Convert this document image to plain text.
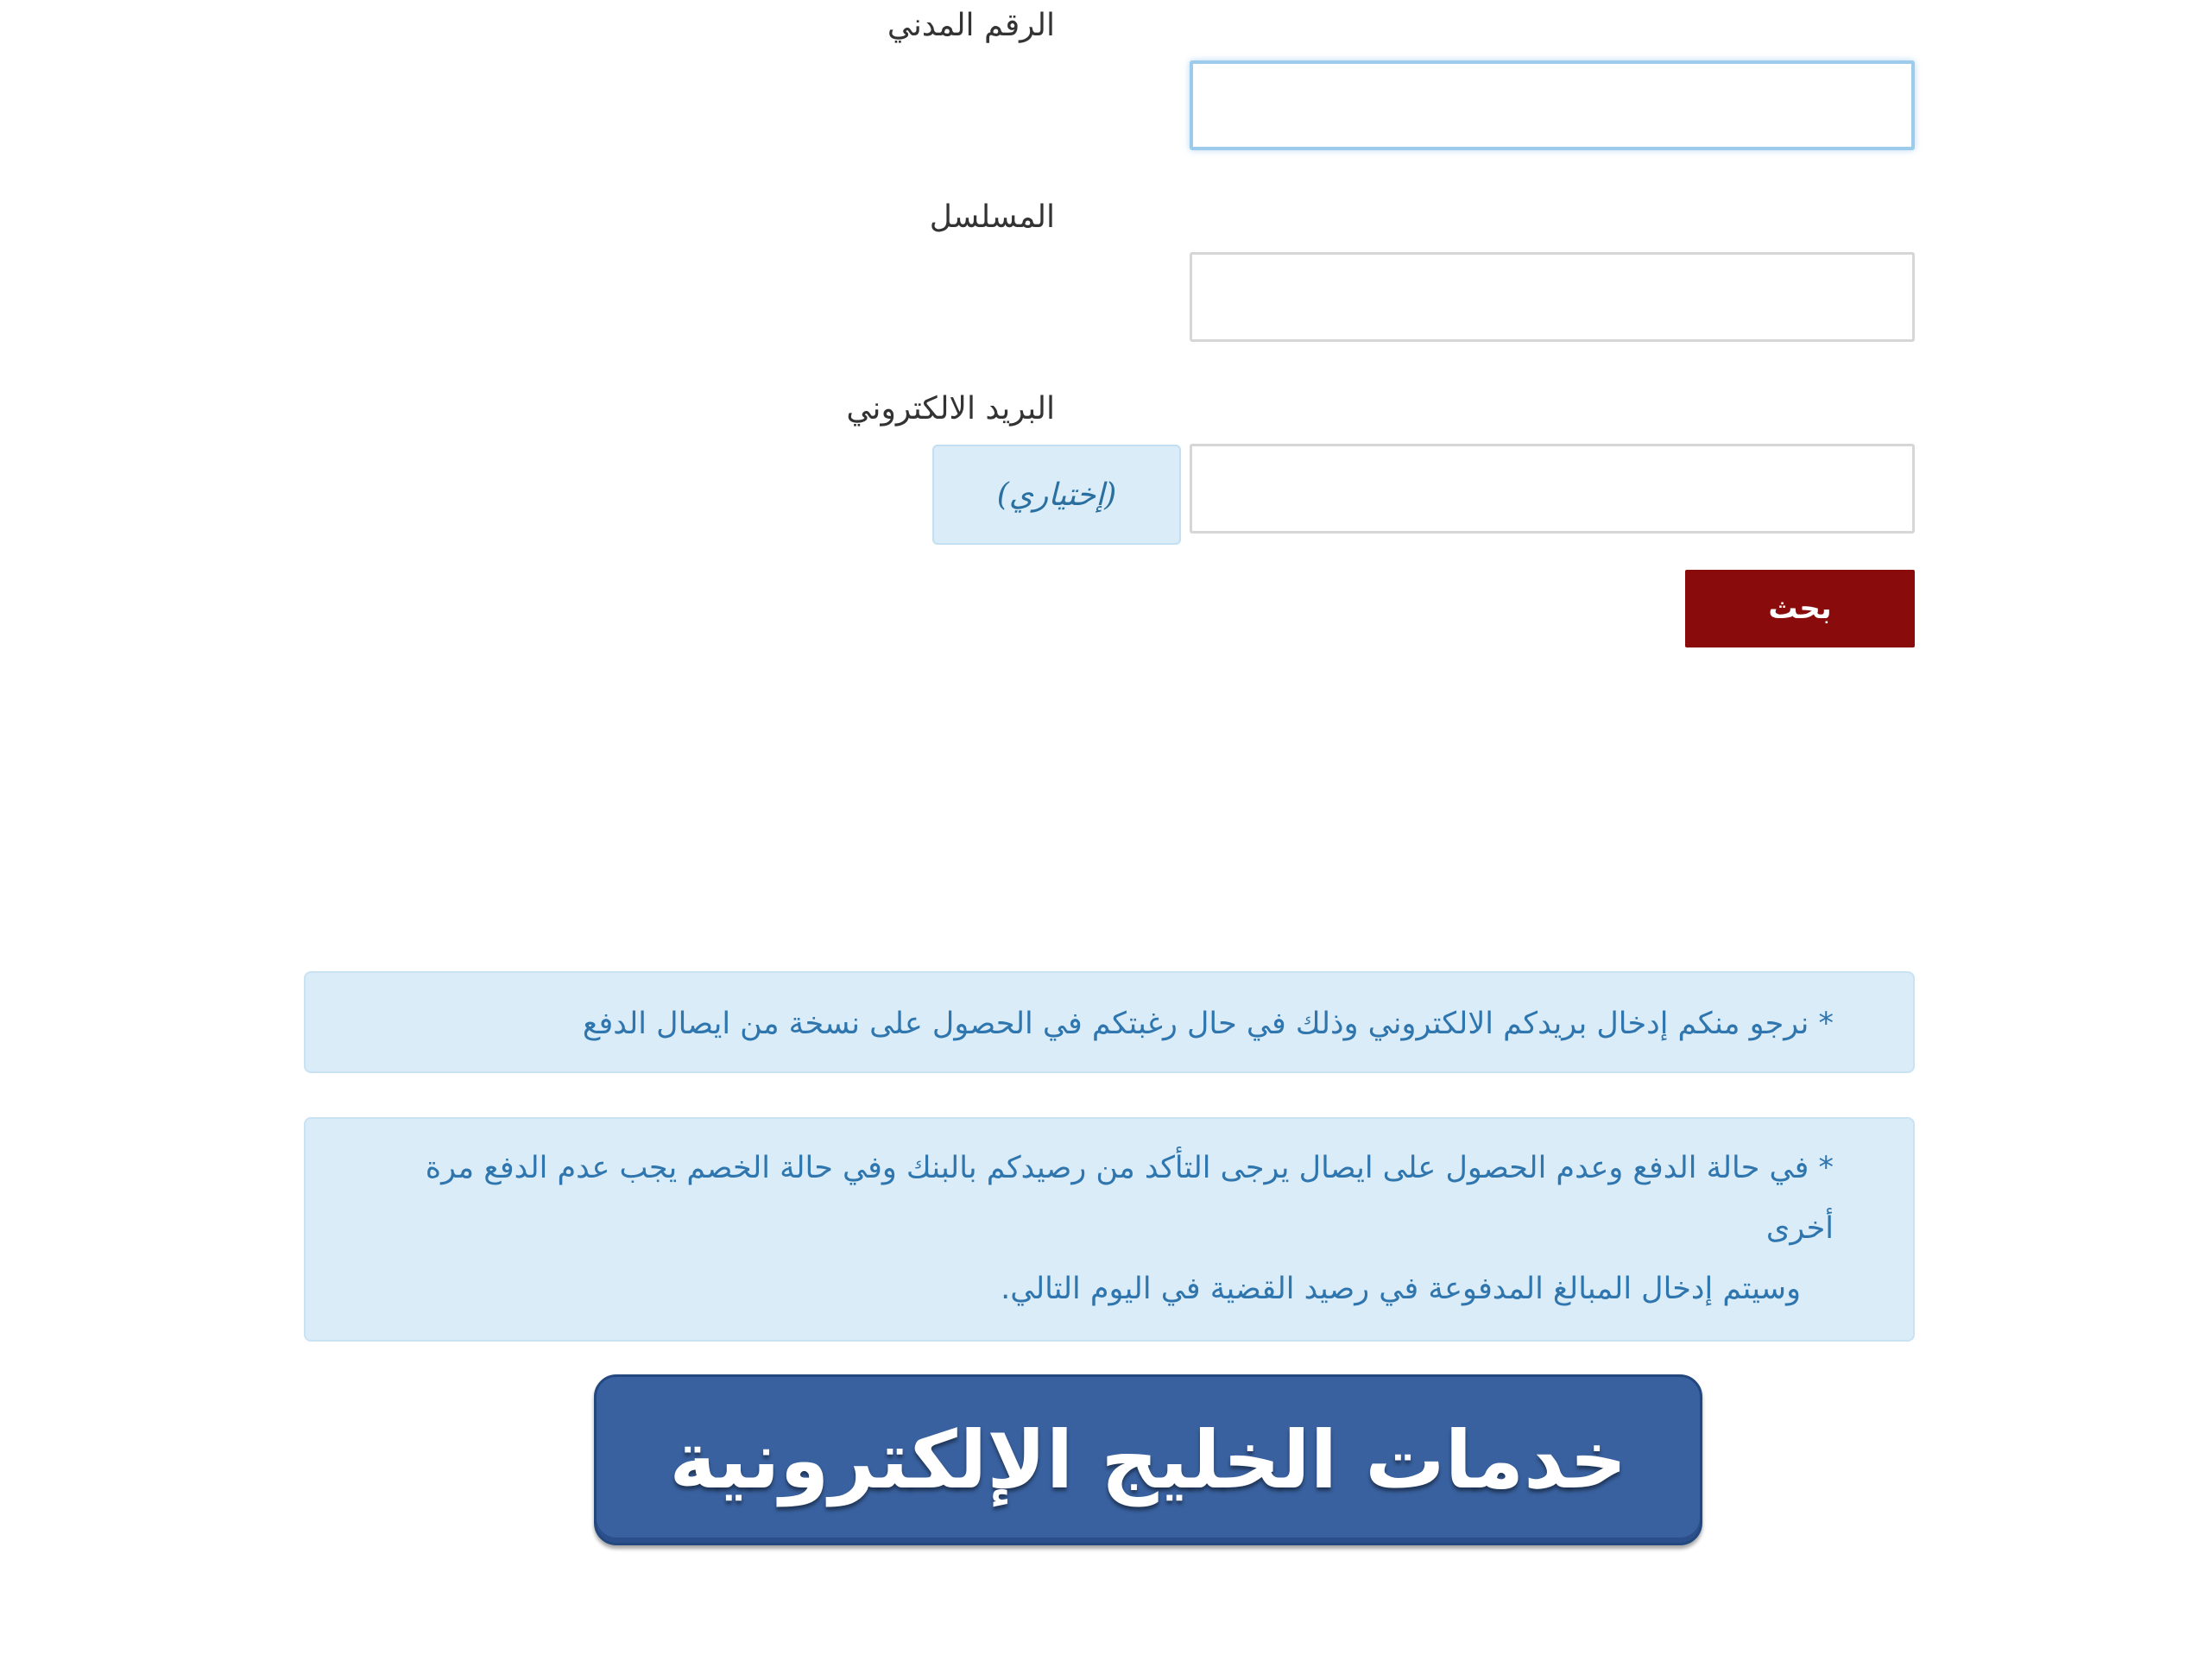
الرقم المدني
المسلسل
البريد الالكتروني
(إختياري)
بحث
* نرجو منكم إدخال بريدكم الالكتروني وذلك في حال رغبتكم في الحصول على نسخة من ايصال الدفع
* في حالة الدفع وعدم الحصول على ايصال يرجى التأكد من رصيدكم بالبنك وفي حالة الخصم يجب عدم الدفع مرة أخرى
وسيتم إدخال المبالغ المدفوعة في رصيد القضية في اليوم التالي.
خدمات الخليج الإلكترونية
